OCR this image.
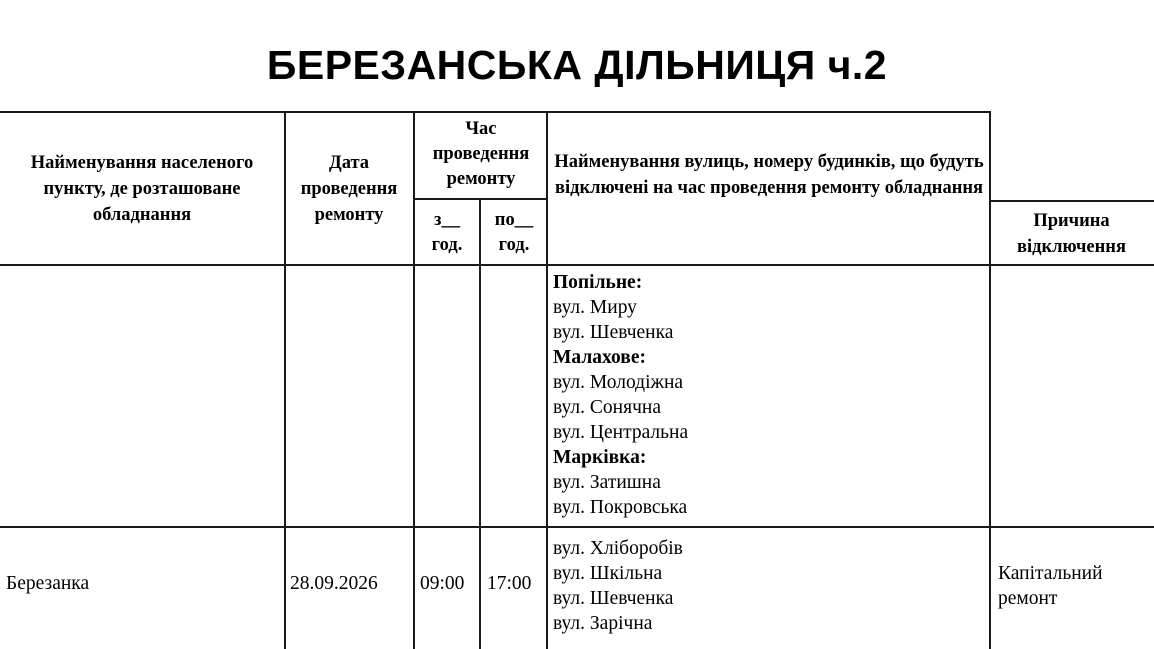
БЕРЕЗАНСЬКА ДІЛЬНИЦЯ ч.2
Найменування населеного пункту, де розташоване обладнання
Дата проведення ремонту
Час проведення ремонту
з__ год.
по__ год.
Найменування вулиць, номеру будинків, що будуть відключені на час проведення ремонту обладнання
Причина відключення
Попільне:
вул. Миру
вул. Шевченка
Малахове:
вул. Молодіжна
вул. Сонячна
вул. Центральна
Марківка:
вул. Затишна
вул. Покровська
Березанка	28.09.2026 09:00 17:00
вул. Хліборобів
вул. Шкільна
вул. Шевченка
вул. Зарічна
Капітальний ремонт
